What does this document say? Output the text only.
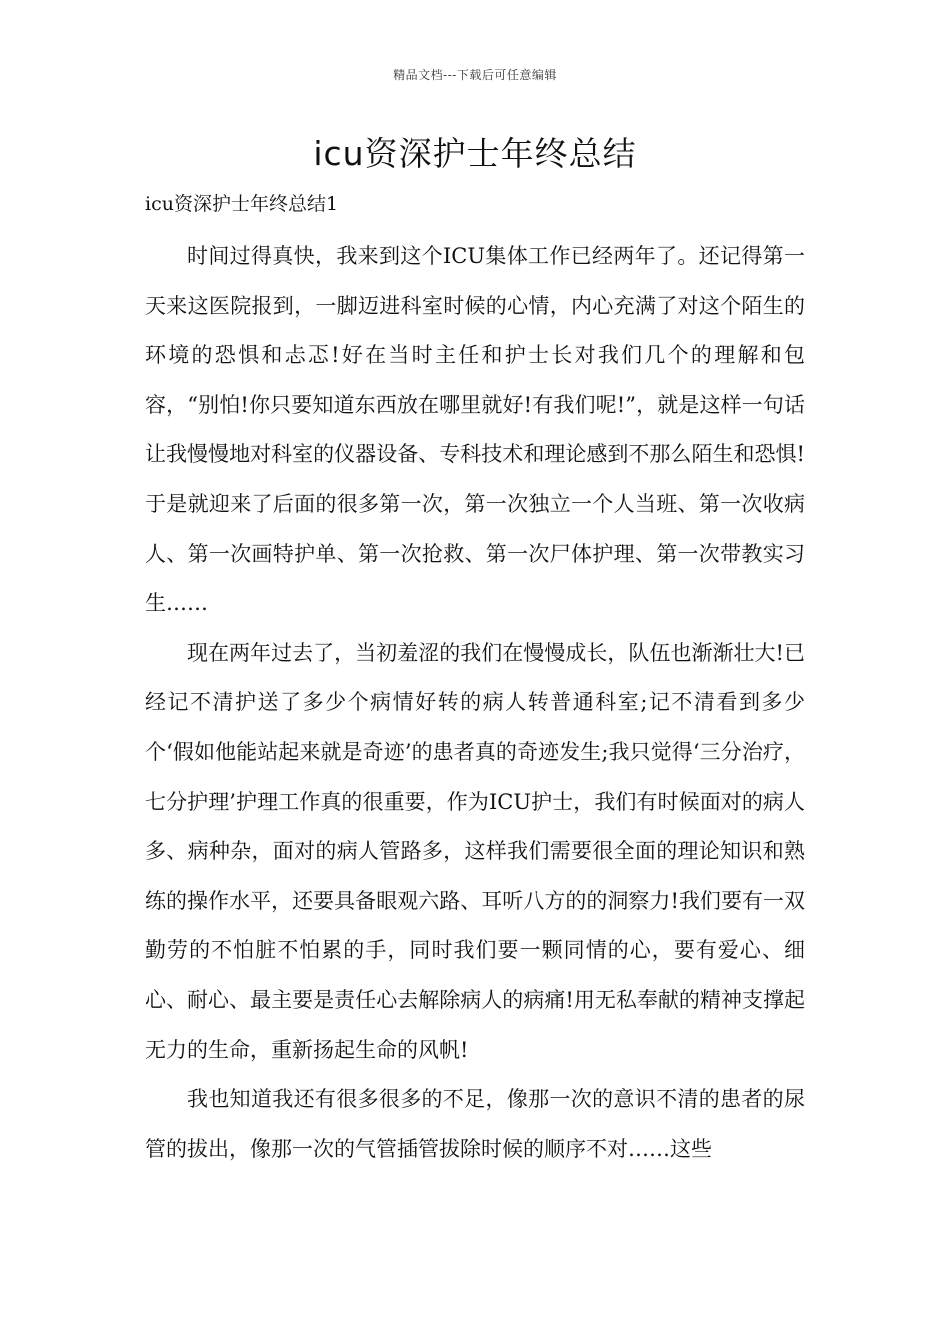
精品文档---下载后可任意编辑
icu资深护士年终总结

icu资深护士年终总结1

时间过得真快，我来到这个ICU集体工作已经两年了。还记得第一天来这医院报到，一脚迈进科室时候的心情，内心充满了对这个陌生的环境的恐惧和忐忑!好在当时主任和护士长对我们几个的理解和包容，“别怕!你只要知道东西放在哪里就好!有我们呢!”，就是这样一句话让我慢慢地对科室的仪器设备、专科技术和理论感到不那么陌生和恐惧!于是就迎来了后面的很多第一次，第一次独立一个人当班、第一次收病人、第一次画特护单、第一次抢救、第一次尸体护理、第一次带教实习生……

现在两年过去了，当初羞涩的我们在慢慢成长，队伍也渐渐壮大!已经记不清护送了多少个病情好转的病人转普通科室;记不清看到多少个‘假如他能站起来就是奇迹’的患者真的奇迹发生;我只觉得‘三分治疗，七分护理’护理工作真的很重要，作为ICU护士，我们有时候面对的病人多、病种杂，面对的病人管路多，这样我们需要很全面的理论知识和熟练的操作水平，还要具备眼观六路、耳听八方的的洞察力!我们要有一双勤劳的不怕脏不怕累的手，同时我们要一颗同情的心，要有爱心、细心、耐心、最主要是责任心去解除病人的病痛!用无私奉献的精神支撑起无力的生命，重新扬起生命的风帆!

我也知道我还有很多很多的不足，像那一次的意识不清的患者的尿管的拔出，像那一次的气管插管拔除时候的顺序不对……这些
